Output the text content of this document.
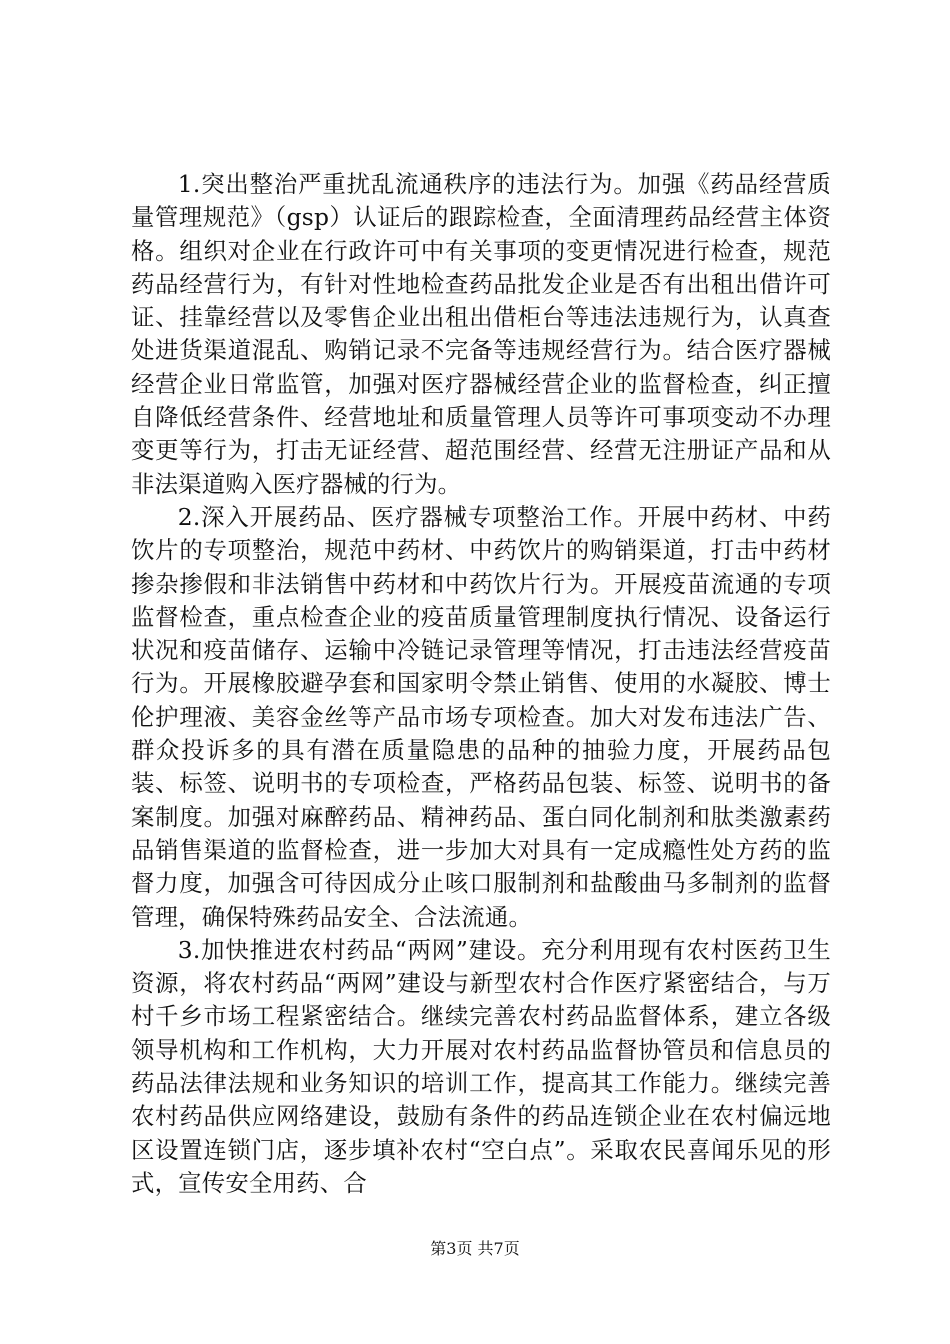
1.突出整治严重扰乱流通秩序的违法行为。加强《药品经营质量管理规范》（gsp）认证后的跟踪检查，全面清理药品经营主体资格。组织对企业在行政许可中有关事项的变更情况进行检查，规范药品经营行为，有针对性地检查药品批发企业是否有出租出借许可证、挂靠经营以及零售企业出租出借柜台等违法违规行为，认真查处进货渠道混乱、购销记录不完备等违规经营行为。结合医疗器械经营企业日常监管，加强对医疗器械经营企业的监督检查，纠正擅自降低经营条件、经营地址和质量管理人员等许可事项变动不办理变更等行为，打击无证经营、超范围经营、经营无注册证产品和从非法渠道购入医疗器械的行为。

2.深入开展药品、医疗器械专项整治工作。开展中药材、中药饮片的专项整治，规范中药材、中药饮片的购销渠道，打击中药材掺杂掺假和非法销售中药材和中药饮片行为。开展疫苗流通的专项监督检查，重点检查企业的疫苗质量管理制度执行情况、设备运行状况和疫苗储存、运输中冷链记录管理等情况，打击违法经营疫苗行为。开展橡胶避孕套和国家明令禁止销售、使用的水凝胶、博士伦护理液、美容金丝等产品市场专项检查。加大对发布违法广告、群众投诉多的具有潜在质量隐患的品种的抽验力度，开展药品包装、标签、说明书的专项检查，严格药品包装、标签、说明书的备案制度。加强对麻醉药品、精神药品、蛋白同化制剂和肽类激素药品销售渠道的监督检查，进一步加大对具有一定成瘾性处方药的监督力度，加强含可待因成分止咳口服制剂和盐酸曲马多制剂的监督管理，确保特殊药品安全、合法流通。

3.加快推进农村药品“两网”建设。充分利用现有农村医药卫生资源，将农村药品“两网”建设与新型农村合作医疗紧密结合，与万村千乡市场工程紧密结合。继续完善农村药品监督体系，建立各级领导机构和工作机构，大力开展对农村药品监督协管员和信息员的药品法律法规和业务知识的培训工作，提高其工作能力。继续完善农村药品供应网络建设，鼓励有条件的药品连锁企业在农村偏远地区设置连锁门店，逐步填补农村“空白点”。采取农民喜闻乐见的形式，宣传安全用药、合

第3页 共7页
